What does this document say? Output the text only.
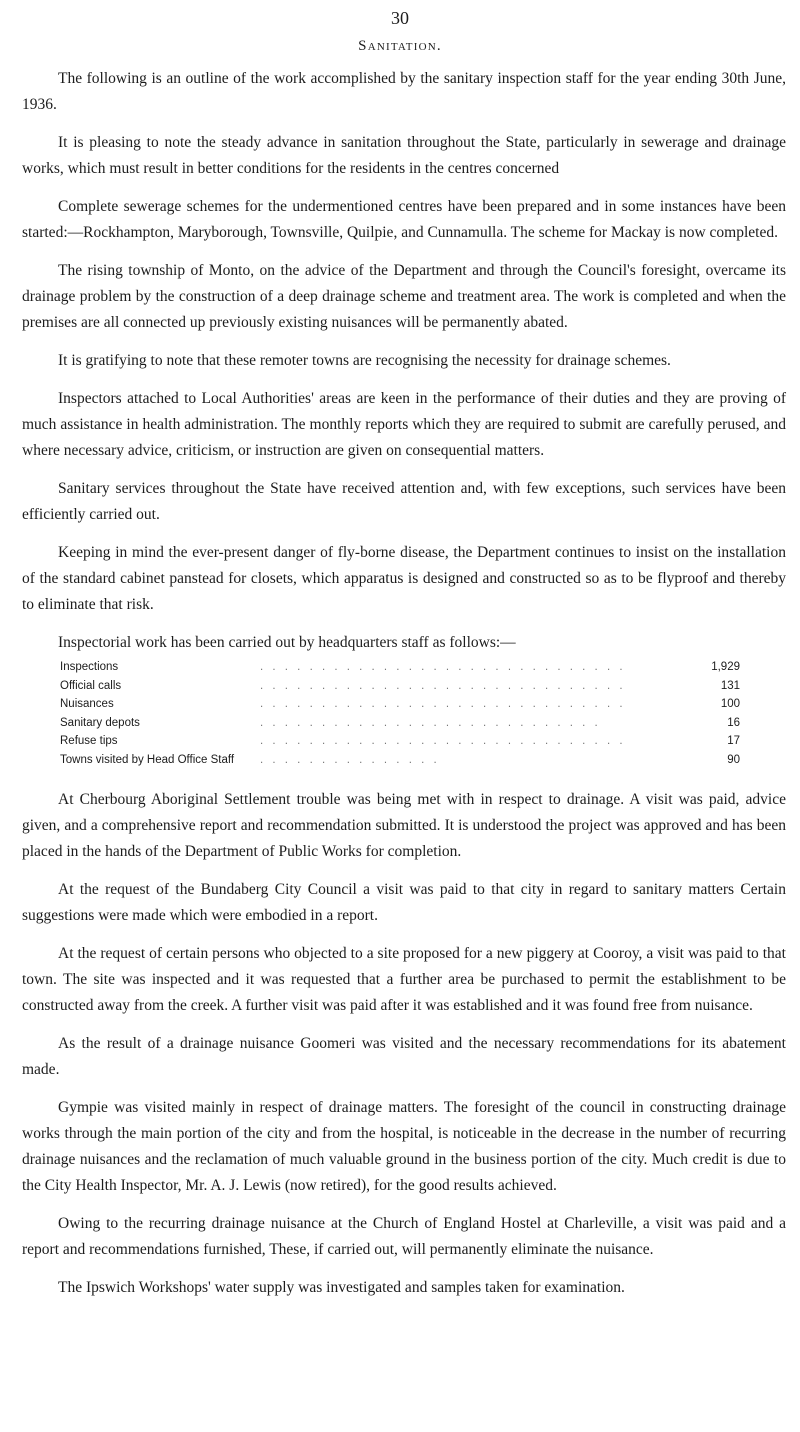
30
Sanitation.

The following is an outline of the work accomplished by the sanitary inspection staff for the year ending 30th June, 1936.

It is pleasing to note the steady advance in sanitation throughout the State, particularly in sewerage and drainage works, which must result in better conditions for the residents in the centres concerned

Complete sewerage schemes for the undermentioned centres have been prepared and in some instances have been started:—Rockhampton, Maryborough, Townsville, Quilpie, and Cunnamulla. The scheme for Mackay is now completed.

The rising township of Monto, on the advice of the Department and through the Council's foresight, overcame its drainage problem by the construction of a deep drainage scheme and treatment area. The work is completed and when the premises are all connected up previously existing nuisances will be permanently abated.

It is gratifying to note that these remoter towns are recognising the necessity for drainage schemes.

Inspectors attached to Local Authorities' areas are keen in the performance of their duties and they are proving of much assistance in health administration. The monthly reports which they are required to submit are carefully perused, and where necessary advice, criticism, or instruction are given on consequential matters.

Sanitary services throughout the State have received attention and, with few exceptions, such services have been efficiently carried out.

Keeping in mind the ever-present danger of fly-borne disease, the Department continues to insist on the installation of the standard cabinet panstead for closets, which apparatus is designed and constructed so as to be flyproof and thereby to eliminate that risk.

Inspectorial work has been carried out by headquarters staff as follows:—

Inspections	. . . . . . . . . . . . . . . . . . . . . . . . . . . . . .	1,929
Official calls	. . . . . . . . . . . . . . . . . . . . . . . . . . . . . .	131
Nuisances	. . . . . . . . . . . . . . . . . . . . . . . . . . . . . .	100
Sanitary depots	. . . . . . . . . . . . . . . . . . . . . . . . . . . .	16
Refuse tips	. . . . . . . . . . . . . . . . . . . . . . . . . . . . . .	17
Towns visited by Head Office Staff	. . . . . . . . . . . . . . .	90

At Cherbourg Aboriginal Settlement trouble was being met with in respect to drainage. A visit was paid, advice given, and a comprehensive report and recommendation submitted. It is understood the project was approved and has been placed in the hands of the Department of Public Works for completion.

At the request of the Bundaberg City Council a visit was paid to that city in regard to sanitary matters Certain suggestions were made which were embodied in a report.

At the request of certain persons who objected to a site proposed for a new piggery at Cooroy, a visit was paid to that town. The site was inspected and it was requested that a further area be purchased to permit the establishment to be constructed away from the creek. A further visit was paid after it was established and it was found free from nuisance.

As the result of a drainage nuisance Goomeri was visited and the necessary recommendations for its abatement made.

Gympie was visited mainly in respect of drainage matters. The foresight of the council in constructing drainage works through the main portion of the city and from the hospital, is noticeable in the decrease in the number of recurring drainage nuisances and the reclamation of much valuable ground in the business portion of the city. Much credit is due to the City Health Inspector, Mr. A. J. Lewis (now retired), for the good results achieved.

Owing to the recurring drainage nuisance at the Church of England Hostel at Charleville, a visit was paid and a report and recommendations furnished, These, if carried out, will permanently eliminate the nuisance.

The Ipswich Workshops' water supply was investigated and samples taken for examination.
